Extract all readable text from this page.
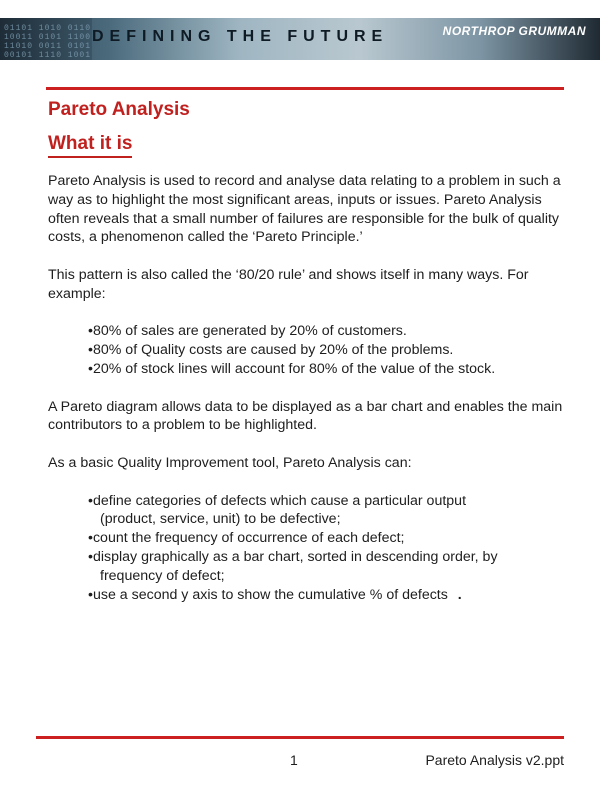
01101 1010 0110
10011 0101 1100
11010 0011 0101
00101 1110 1001
DEFINING THE FUTURE	NORTHROP GRUMMAN
Pareto Analysis
What it is

Pareto Analysis is used to record and analyse data relating to a problem in such a way as to highlight the most significant areas, inputs or issues. Pareto Analysis often reveals that a small number of failures are responsible for the bulk of quality costs, a phenomenon called the ‘Pareto Principle.’

This pattern is also called the ‘80/20 rule’ and shows itself in many ways. For example:

•80% of sales are generated by 20% of customers.
•80% of Quality costs are caused by 20% of the problems.
•20% of stock lines will account for 80% of the value of the stock.

A Pareto diagram allows data to be displayed as a bar chart and enables the main contributors to a problem to be highlighted.

As a basic Quality Improvement tool, Pareto Analysis can:

•define categories of defects which cause a particular output
(product, service, unit) to be defective;
•count the frequency of occurrence of each defect;
•display graphically as a bar chart, sorted in descending order, by
frequency of defect;
•use a second y axis to show the cumulative % of defects .
1	Pareto Analysis v2.ppt
